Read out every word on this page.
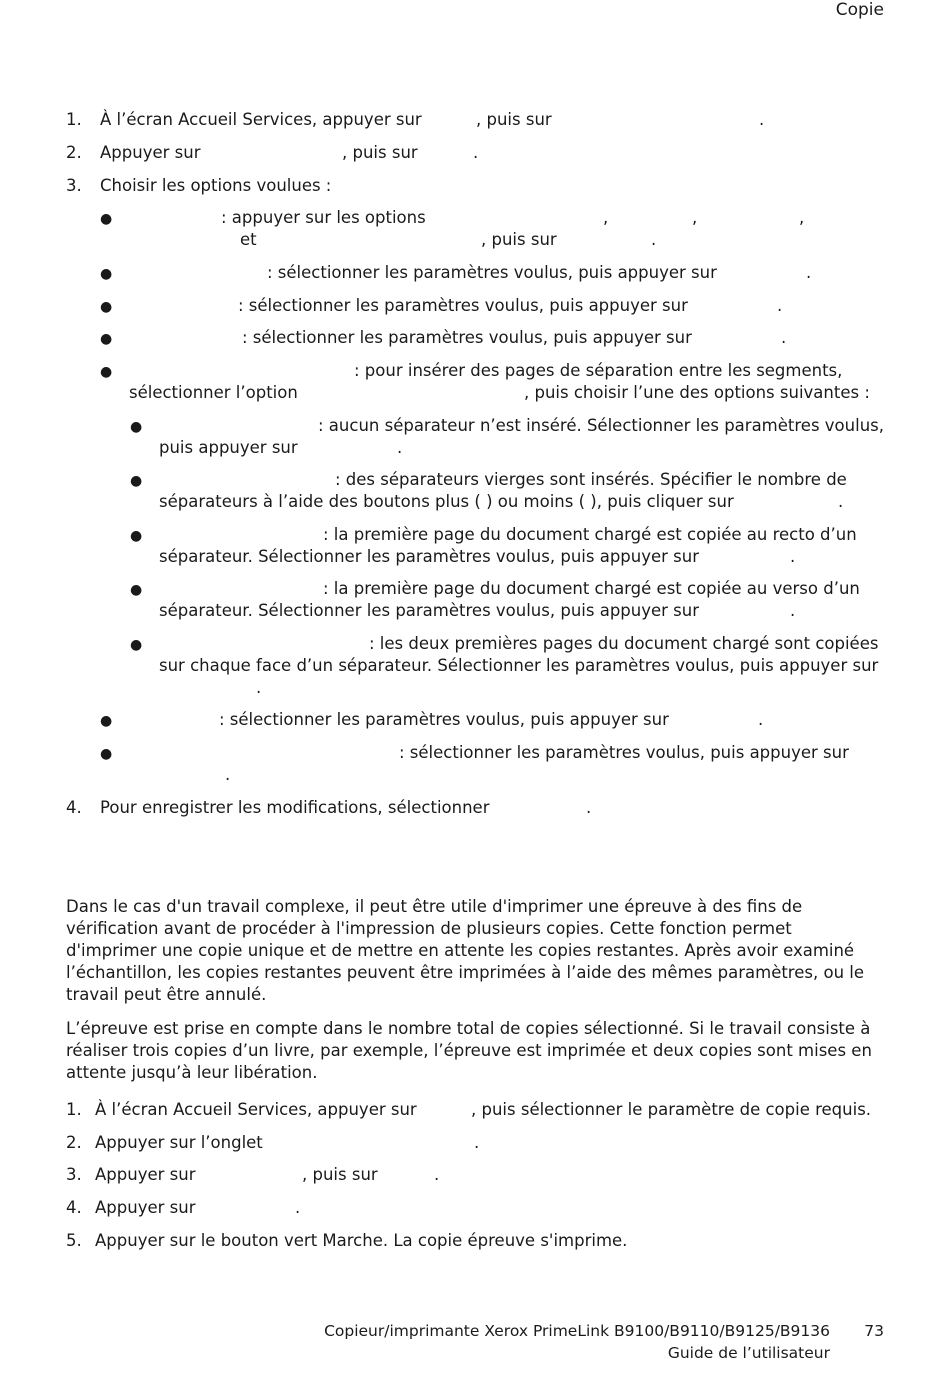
Copie
1. À l’écran Accueil Services, appuyer sur	, puis sur	.
2. Appuyer sur	, puis sur	.
3. Choisir les options voulues :
●	: appuyer sur les options	,	,	,
et	, puis sur	.
●	: sélectionner les paramètres voulus, puis appuyer sur	.
●	: sélectionner les paramètres voulus, puis appuyer sur	.
●	: sélectionner les paramètres voulus, puis appuyer sur	.
●	: pour insérer des pages de séparation entre les segments,
sélectionner l’option	, puis choisir l’une des options suivantes :
●	: aucun séparateur n’est inséré. Sélectionner les paramètres voulus,
puis appuyer sur	.
●	: des séparateurs vierges sont insérés. Spécifier le nombre de
séparateurs à l’aide des boutons plus ( ) ou moins ( ), puis cliquer sur	.
●	: la première page du document chargé est copiée au recto d’un
séparateur. Sélectionner les paramètres voulus, puis appuyer sur	.
●	: la première page du document chargé est copiée au verso d’un
séparateur. Sélectionner les paramètres voulus, puis appuyer sur	.
●	: les deux premières pages du document chargé sont copiées
sur chaque face d’un séparateur. Sélectionner les paramètres voulus, puis appuyer sur
.
●	: sélectionner les paramètres voulus, puis appuyer sur	.
●	: sélectionner les paramètres voulus, puis appuyer sur
.
4. Pour enregistrer les modifications, sélectionner	.
Dans le cas d'un travail complexe, il peut être utile d'imprimer une épreuve à des fins de
vérification avant de procéder à l'impression de plusieurs copies. Cette fonction permet
d'imprimer une copie unique et de mettre en attente les copies restantes. Après avoir examiné
l’échantillon, les copies restantes peuvent être imprimées à l’aide des mêmes paramètres, ou le
travail peut être annulé.
L’épreuve est prise en compte dans le nombre total de copies sélectionné. Si le travail consiste à
réaliser trois copies d’un livre, par exemple, l’épreuve est imprimée et deux copies sont mises en
attente jusqu’à leur libération.
1. À l’écran Accueil Services, appuyer sur	, puis sélectionner le paramètre de copie requis.
2. Appuyer sur l’onglet	.
3. Appuyer sur	, puis sur	.
4. Appuyer sur	.
5. Appuyer sur le bouton vert Marche. La copie épreuve s'imprime.
Copieur/imprimante Xerox PrimeLink B9100/B9110/B9125/B9136 73
Guide de l’utilisateur
